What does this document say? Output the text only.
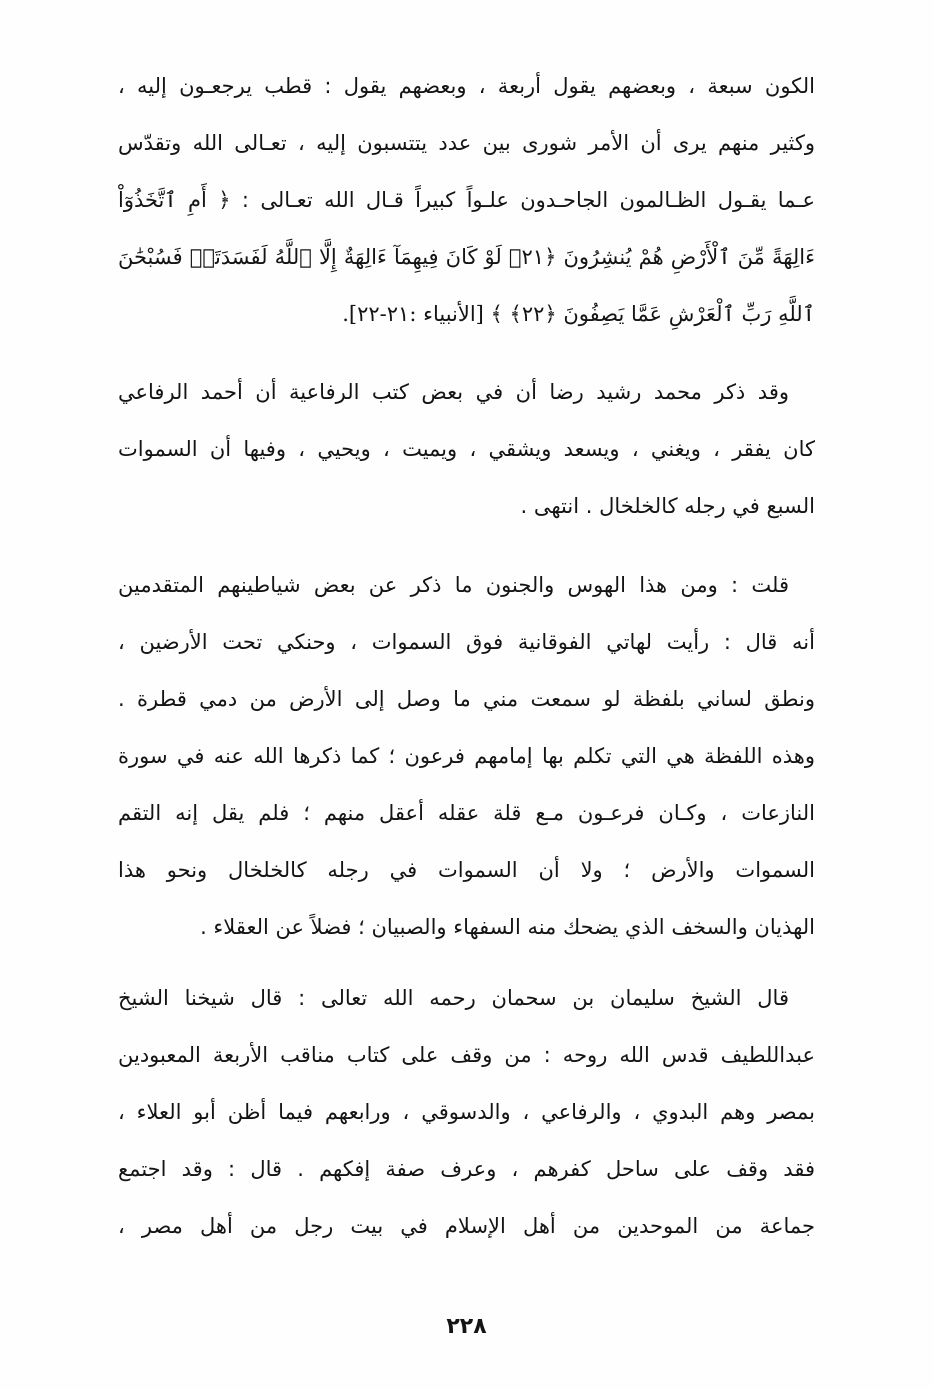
الكون سبعة ، وبعضهم يقول أربعة ، وبعضهم يقول : قطب يرجعـون إليه ،
وكثير منهم يرى أن الأمر شورى بين عدد يتتسبون إليه ، تعـالى الله وتقدّس
عـما يقـول الظـالمون الجاحـدون علـواً كبيراً قـال الله تعـالى : ﴿ أَمِ ٱتَّخَذُوٓاْ
ءَالِهَةً مِّنَ ٱلْأَرْضِ هُمْ يُنشِرُونَ ﴿٢١﴾ لَوْ كَانَ فِيهِمَآ ءَالِهَةٌ إِلَّا ٱللَّهُ لَفَسَدَتَاۚ فَسُبْحَٰنَ
ٱللَّهِ رَبِّ ٱلْعَرْشِ عَمَّا يَصِفُونَ ﴿٢٢﴾ ﴾ [الأنبياء :٢١-٢٢].
وقد ذكر محمد رشيد رضا أن في بعض كتب الرفاعية أن أحمد الرفاعي
كان يفقر ، ويغني ، ويسعد ويشقي ، ويميت ، ويحيي ، وفيها أن السموات
السبع في رجله كالخلخال . انتهى .
قلت : ومن هذا الهوس والجنون ما ذكر عن بعض شياطينهم المتقدمين
أنه قال : رأيت لهاتي الفوقانية فوق السموات ، وحنكي تحت الأرضين ،
ونطق لساني بلفظة لو سمعت مني ما وصل إلى الأرض من دمي قطرة .
وهذه اللفظة هي التي تكلم بها إمامهم فرعون ؛ كما ذكرها الله عنه في سورة
النازعات ، وكـان فرعـون مـع قلة عقله أعقل منهم ؛ فلم يقل إنه التقم
السموات والأرض ؛ ولا أن السموات في رجله كالخلخال ونحو هذا
الهذيان والسخف الذي يضحك منه السفهاء والصبيان ؛ فضلاً عن العقلاء .
قال الشيخ سليمان بن سحمان رحمه الله تعالى : قال شيخنا الشيخ
عبداللطيف قدس الله روحه : من وقف على كتاب مناقب الأربعة المعبودين
بمصر وهم البدوي ، والرفاعي ، والدسوقي ، ورابعهم فيما أظن أبو العلاء ،
فقد وقف على ساحل كفرهم ، وعرف صفة إفكهم . قال : وقد اجتمع
جماعة من الموحدين من أهل الإسلام في بيت رجل من أهل مصر ،
٢٢٨
